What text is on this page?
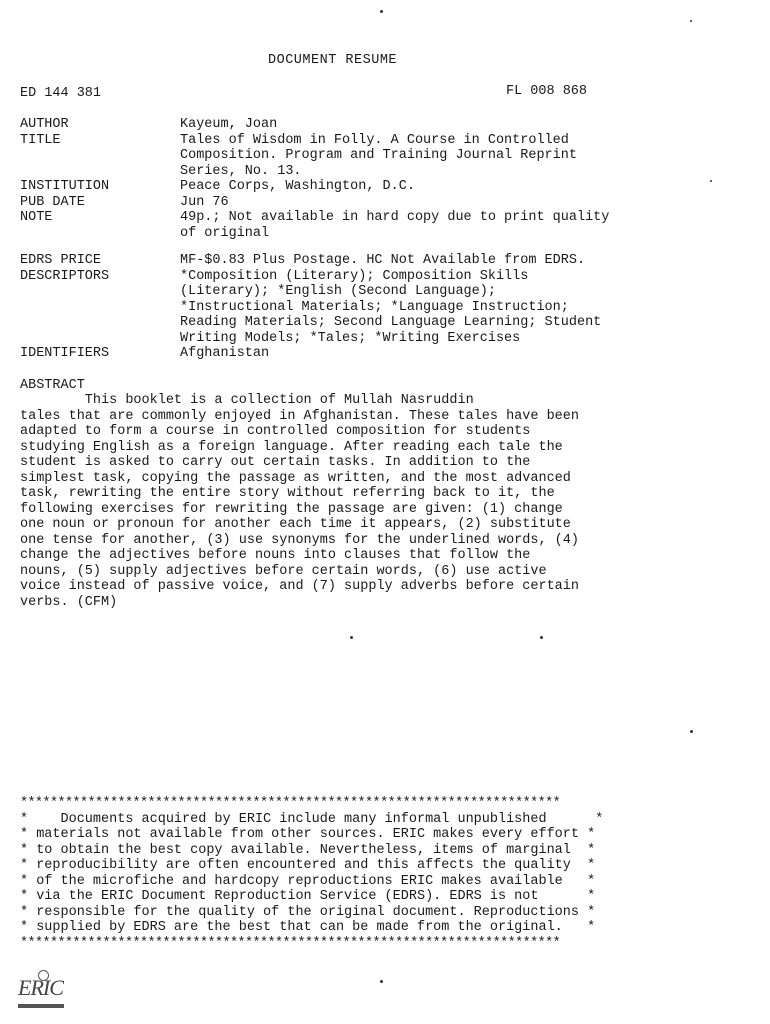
DOCUMENT RESUME
ED 144 381	FL 008 868
AUTHOR	Kayeum, Joan
TITLE	Tales of Wisdom in Folly. A Course in Controlled
Composition. Program and Training Journal Reprint
Series, No. 13.
INSTITUTION	Peace Corps, Washington, D.C.
PUB DATE	Jun 76
NOTE	49p.; Not available in hard copy due to print quality
of original
EDRS PRICE	MF-$0.83 Plus Postage. HC Not Available from EDRS.
DESCRIPTORS	*Composition (Literary); Composition Skills
(Literary); *English (Second Language);
*Instructional Materials; *Language Instruction;
Reading Materials; Second Language Learning; Student
Writing Models; *Tales; *Writing Exercises
IDENTIFIERS	Afghanistan
ABSTRACT
This booklet is a collection of Mullah Nasruddin
tales that are commonly enjoyed in Afghanistan. These tales have been
adapted to form a course in controlled composition for students
studying English as a foreign language. After reading each tale the
student is asked to carry out certain tasks. In addition to the
simplest task, copying the passage as written, and the most advanced
task, rewriting the entire story without referring back to it, the
following exercises for rewriting the passage are given: (1) change
one noun or pronoun for another each time it appears, (2) substitute
one tense for another, (3) use synonyms for the underlined words, (4)
change the adjectives before nouns into clauses that follow the
nouns, (5) supply adjectives before certain words, (6) use active
voice instead of passive voice, and (7) supply adverbs before certain
verbs. (CFM)
************************************************************************
*    Documents acquired by ERIC include many informal unpublished      *
* materials not available from other sources. ERIC makes every effort *
* to obtain the best copy available. Nevertheless, items of marginal  *
* reproducibility are often encountered and this affects the quality  *
* of the microfiche and hardcopy reproductions ERIC makes available   *
* via the ERIC Document Reproduction Service (EDRS). EDRS is not      *
* responsible for the quality of the original document. Reproductions *
* supplied by EDRS are the best that can be made from the original.   *
************************************************************************
ERIC
